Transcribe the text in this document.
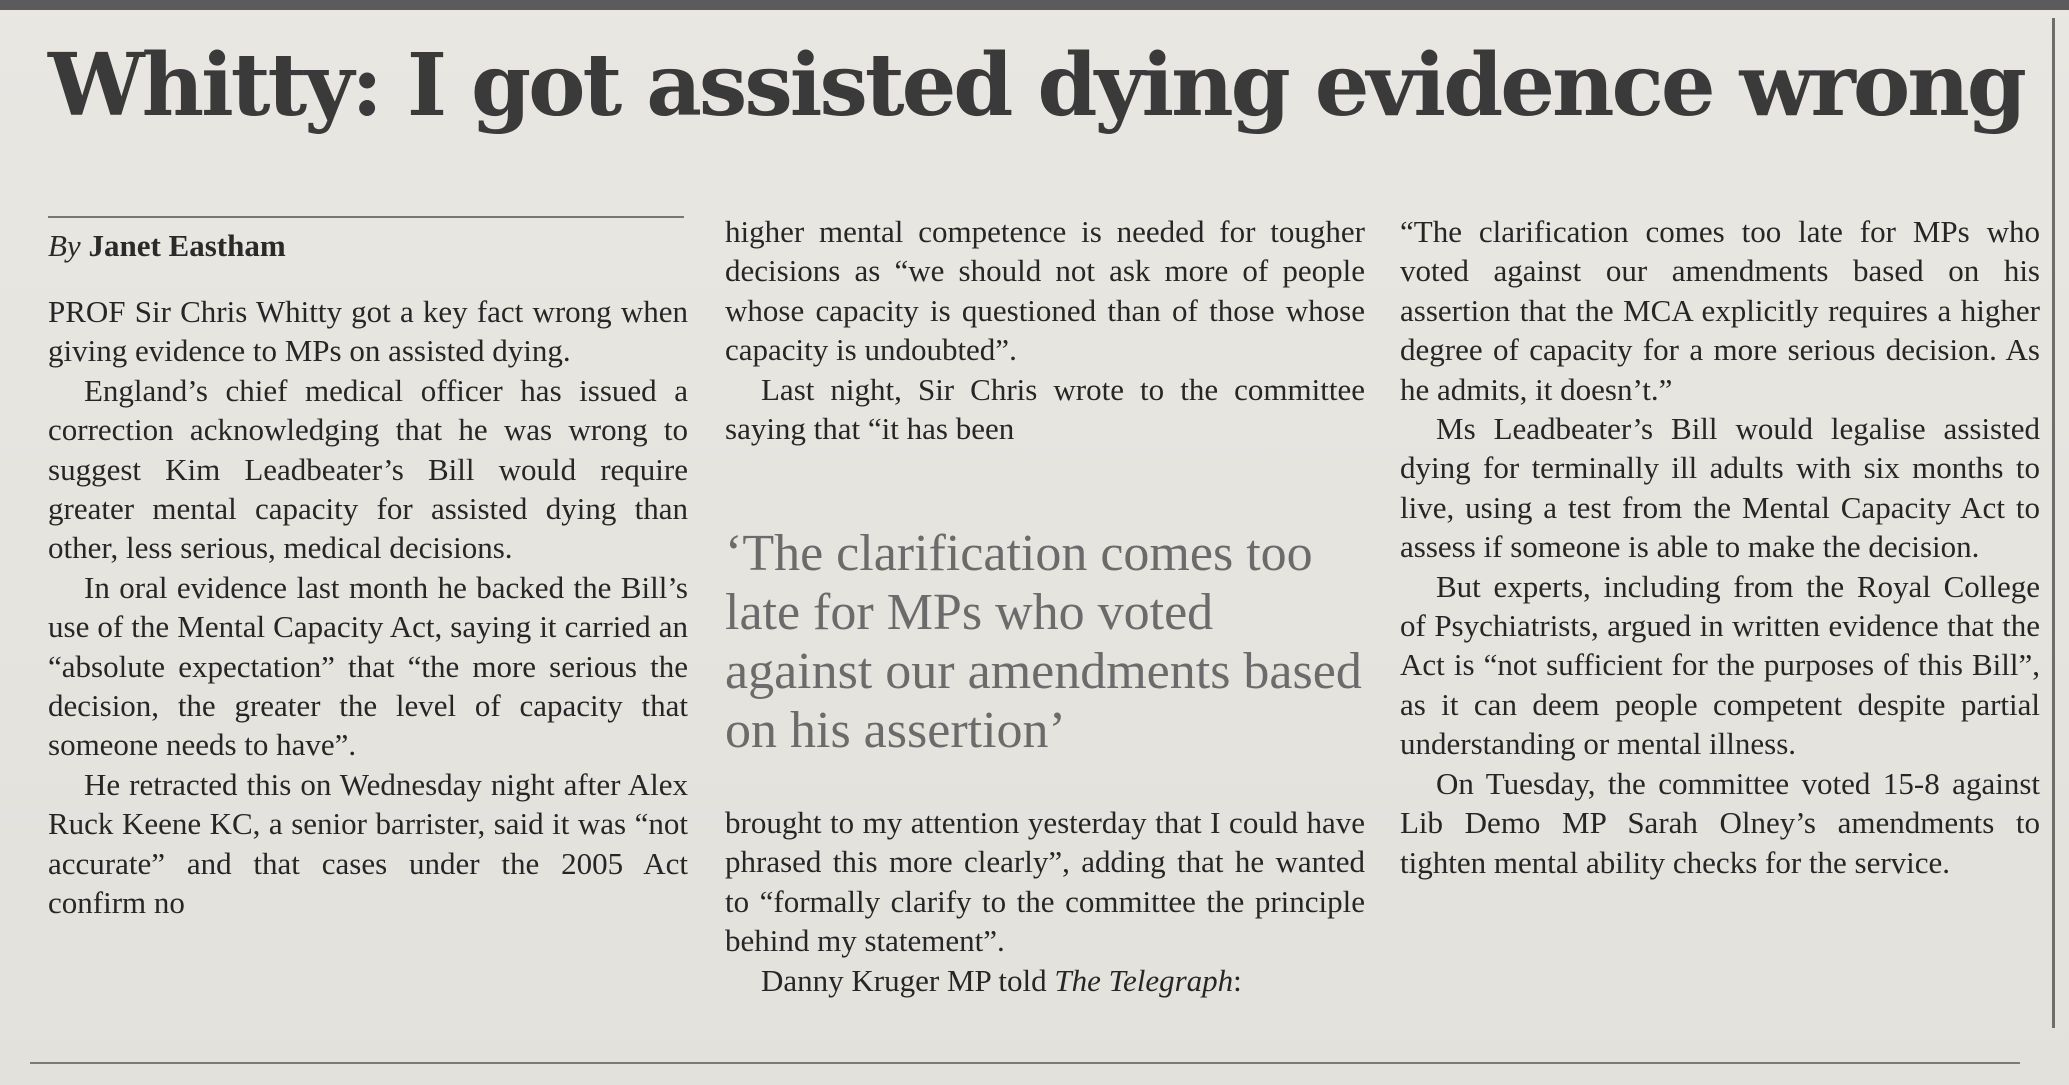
Whitty: I got assisted dying evidence wrong
By Janet Eastham

PROF Sir Chris Whitty got a key fact wrong when giving evidence to MPs on assisted dying.

England’s chief medical officer has issued a correction acknowledging that he was wrong to suggest Kim Leadbeater’s Bill would require greater mental capacity for assisted dying than other, less serious, medical decisions.

In oral evidence last month he backed the Bill’s use of the Mental Capacity Act, saying it carried an “absolute expectation” that “the more serious the decision, the greater the level of capacity that someone needs to have”.

He retracted this on Wednesday night after Alex Ruck Keene KC, a senior barrister, said it was “not accurate” and that cases under the 2005 Act confirm no

higher mental competence is needed for tougher decisions as “we should not ask more of people whose capacity is questioned than of those whose capacity is undoubted”.

Last night, Sir Chris wrote to the committee saying that “it has been

‘The clarification comes too late for MPs who voted against our amendments based on his assertion’

brought to my attention yesterday that I could have phrased this more clearly”, adding that he wanted to “formally clarify to the committee the principle behind my statement”.

Danny Kruger MP told The Telegraph:

“The clarification comes too late for MPs who voted against our amendments based on his assertion that the MCA explicitly requires a higher degree of capacity for a more serious decision. As he admits, it doesn’t.”

Ms Leadbeater’s Bill would legalise assisted dying for terminally ill adults with six months to live, using a test from the Mental Capacity Act to assess if someone is able to make the decision.

But experts, including from the Royal College of Psychiatrists, argued in written evidence that the Act is “not sufficient for the purposes of this Bill”, as it can deem people competent despite partial understanding or mental illness.

On Tuesday, the committee voted 15-8 against Lib Demo MP Sarah Olney’s amendments to tighten mental ability checks for the service.
